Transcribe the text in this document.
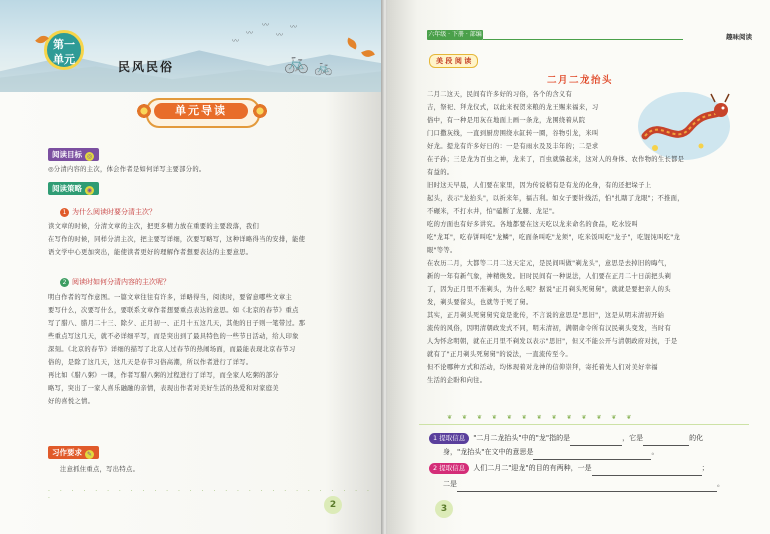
〰
〰
〰
〰
〰
🚲 🚲
第一
单元
民风民俗
单元导读
阅读目标 ◎
◎分清内容的主次，体会作者是如何详写主要部分的。
阅读策略 ◉
1 为什么阅读时要分清主次？
读文章的时候，分清文章的主次，把更多精力放在重要的主要段落，我们
在写作的时候，同样分清主次，把主要写详细，次要写略写，这种详略得当的安排，能使
语文学中心更加突出，能使读者更好的理解作者想要表达的主要意思。
2 阅读时如何分清内容的主次呢？
明白作者的写作意图。一篇文章往往有许多，详略得当，阅读时，要留意哪些文章主
要写什么，次要写什么，要联系文章作者想要重点表达的意思。如《北京的春节》重点
写了腊八、腊月二十三、除夕、正月初一、正月十五这几天，其他的日子则一笔带过。那
些重点写这几天，就不必详细平写，而是突出到了最具特色的一些节日活动，给人印象
深刻。《北京的春节》详细的描写了北京人过春节的热闹场面，而最能表现北京春节习
俗的，是除了这几天，这几天是春节习俗高潮，所以作者进行了详写。
再比如《腊八粥》一课，作者写腊八粥的过程进行了详写，而全家人吃粥的部分
略写，突出了一家人喜乐融融的亲情，表现出作者对美好生活的热爱和对家庭美
好的喜悦之情。
习作要求 ✎
注意抓住重点，写出特点。
· · · · · · · · · · · · · · · · · · · · · · · · · · · · ·
2
六年级 · 下册 · 部编	趣味阅读
美 段 阅 读
二月二龙抬头
二月二这天，民间有许多好的习俗，各个的含义有
吉，祭祀、拜龙仪式，以此来祝贺来粮的龙王赐来福来，习
俗中，有一种是用灰在地面上画一条龙，龙围绕着从院
门口撒灰线，一直到厨房围绕水缸转一圈，谷物引龙，米叫
好龙。提龙有许多好日的：一是有雨水及及丰年的；二是求
在子孙；三是龙为百虫之神，龙来了，百虫就躲起来，这对人的身体、农作物的生长都是
有益的。
旧时这天早晨，人们要在家里，因为传说稍有是有龙的化身，有的还把垛子上
起头，表示"龙抬头"，以祈来年，福吉利。如女子要针线活，怕"扎瞎了龙眼"；不推面，
不碾米，不打水井，怕"磕断了龙腿、龙足"。
吃的方面也有好多讲究。各地都要在这天吃以龙来命名的食品，吃水饺叫
吃"龙耳"，吃春饼叫吃"龙鳞"，吃面条叫吃"龙须"，吃米饭叫吃"龙子"，吃馄饨叫吃"龙
眼"等等。
在农历二月，大都等二月二这天定元，是民间叫做"剃龙头"，意思是去掉旧的晦气，
新的一年有新气象，神精焕发。旧时民间有一种说法，人们要在正月二十日前把头剃
了，因为正月里不准剃头，为什么呢？据说"正月剃头死舅舅"，就就是要把亲人的头
发，剃头要留头，也就等于死了舅。
其实，正月剃头死舅舅究竟是讹传，不言说的意思是"思旧"，这是从明末清初开始
流传的风俗，因明清朝政发式不同，明末清初，满朝命令所有汉民剃头变发，当时有
人为怀念明朝，就在正月里不剃发以表示"思旧"，但又不能公开与清朝政府对抗，于是
就有了"正月剃头死舅舅"的说法，一直流传至今。
但不论哪种方式和活动，均体现着对龙神的信仰崇拜，寄托着先人们对美好幸福
生活的企盼和向往。
❦ ❦ ❦ ❦ ❦ ❦ ❦ ❦ ❦ ❦ ❦ ❦ ❦
1 提取信息 "二月二龙抬头"中的"龙"指的是	，它是	的化
身，"龙抬头"在文中的意思是	。
2 提取信息 人们二月二"迎龙"的目的有两种，一是	；
二是	。
3
